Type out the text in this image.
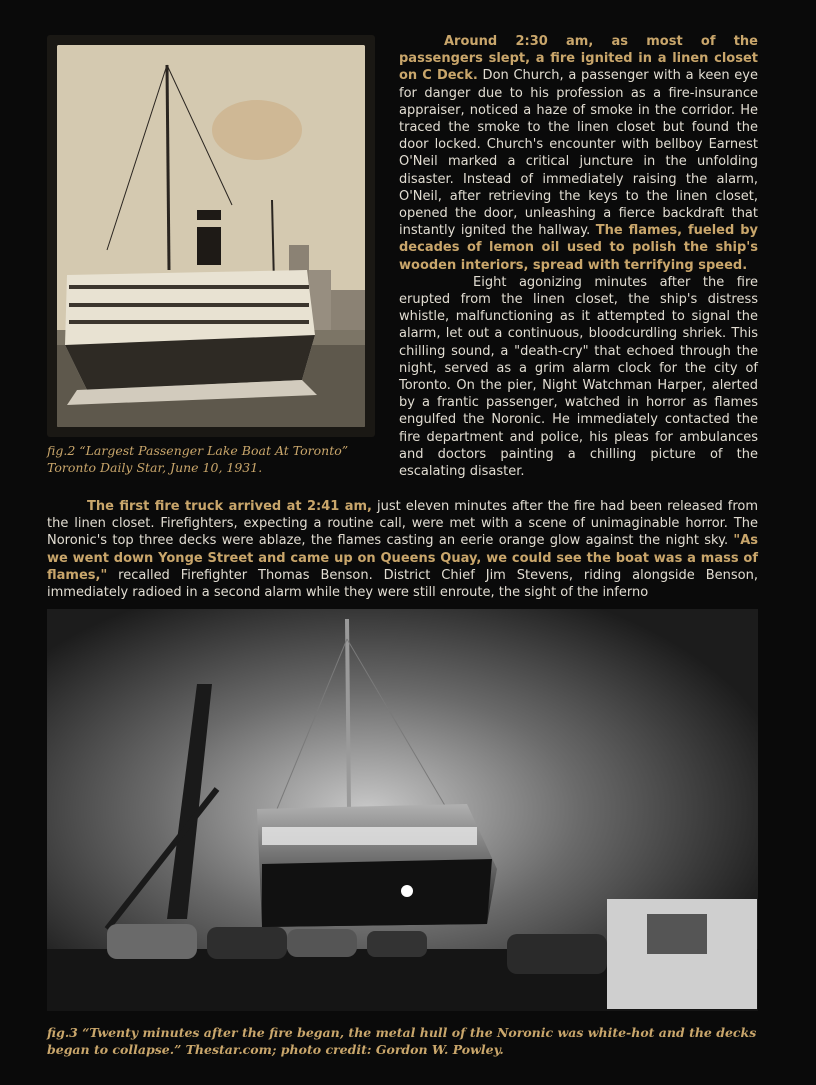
fig.2 “Largest Passenger Lake Boat At Toronto”
Toronto Daily Star, June 10, 1931.

Around 2:30 am, as most of the passengers slept, a fire ignited in a linen closet on C Deck. Don Church, a passenger with a keen eye for danger due to his profession as a fire-insurance appraiser, noticed a haze of smoke in the corridor. He traced the smoke to the linen closet but found the door locked. Church's encounter with bellboy Earnest O'Neil marked a critical juncture in the unfolding disaster. Instead of immediately raising the alarm, O'Neil, after retrieving the keys to the linen closet, opened the door, unleashing a fierce backdraft that instantly ignited the hallway. The flames, fueled by decades of lemon oil used to polish the ship's wooden interiors, spread with terrifying speed.

Eight agonizing minutes after the fire erupted from the linen closet, the ship's distress whistle, malfunctioning as it attempted to signal the alarm, let out a continuous, bloodcurdling shriek. This chilling sound, a "death-cry" that echoed through the night, served as a grim alarm clock for the city of Toronto. On the pier, Night Watchman Harper, alerted by a frantic passenger, watched in horror as flames engulfed the Noronic. He immediately contacted the fire department and police, his pleas for ambulances and doctors painting a chilling picture of the escalating disaster.

The first fire truck arrived at 2:41 am, just eleven minutes after the fire had been released from the linen closet. Firefighters, expecting a routine call, were met with a scene of unimaginable horror. The Noronic's top three decks were ablaze, the flames casting an eerie orange glow against the night sky. "As we went down Yonge Street and came up on Queens Quay, we could see the boat was a mass of flames," recalled Firefighter Thomas Benson. District Chief Jim Stevens, riding alongside Benson, immediately radioed in a second alarm while they were still enroute, the sight of the inferno

fig.3 “Twenty minutes after the fire began, the metal hull of the Noronic was white-hot and the decks began to collapse.” Thestar.com; photo credit: Gordon W. Powley.
